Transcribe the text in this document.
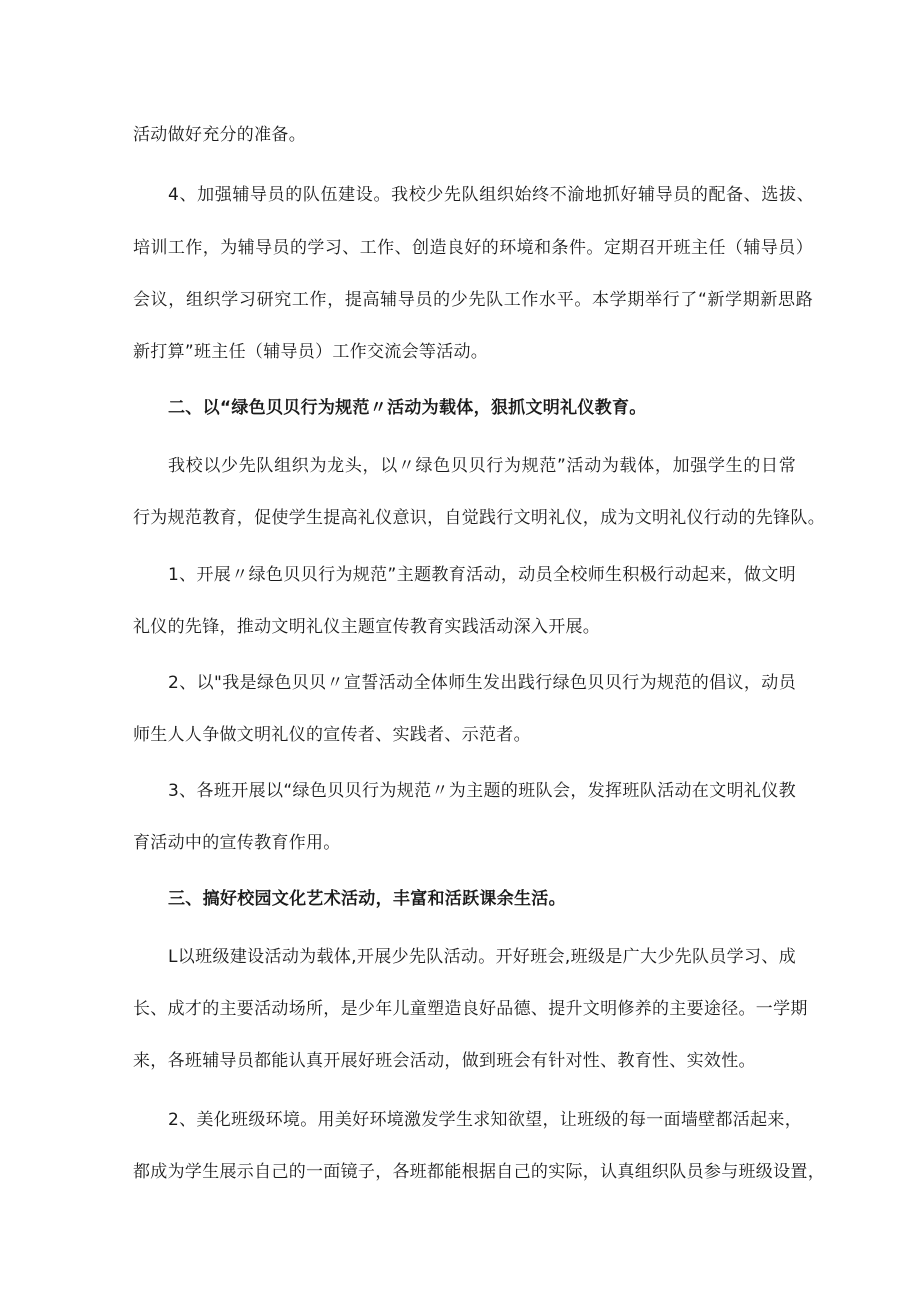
活动做好充分的准备。
4、加强辅导员的队伍建设。我校少先队组织始终不渝地抓好辅导员的配备、选拔、
培训工作，为辅导员的学习、工作、创造良好的环境和条件。定期召开班主任（辅导员）
会议，组织学习研究工作，提高辅导员的少先队工作水平。本学期举行了“新学期新思路
新打算”班主任（辅导员）工作交流会等活动。
二、以“绿色贝贝行为规范〃活动为载体，狠抓文明礼仪教育。
我校以少先队组织为龙头，以〃绿色贝贝行为规范”活动为载体，加强学生的日常
行为规范教育，促使学生提高礼仪意识，自觉践行文明礼仪，成为文明礼仪行动的先锋队。
1、开展〃绿色贝贝行为规范”主题教育活动，动员全校师生积极行动起来，做文明
礼仪的先锋，推动文明礼仪主题宣传教育实践活动深入开展。
2、以"我是绿色贝贝〃宣誓活动全体师生发出践行绿色贝贝行为规范的倡议，动员
师生人人争做文明礼仪的宣传者、实践者、示范者。
3、各班开展以“绿色贝贝行为规范〃为主题的班队会，发挥班队活动在文明礼仪教
育活动中的宣传教育作用。
三、搞好校园文化艺术活动，丰富和活跃课余生活。
L以班级建设活动为载体,开展少先队活动。开好班会,班级是广大少先队员学习、成
长、成才的主要活动场所，是少年儿童塑造良好品德、提升文明修养的主要途径。一学期
来，各班辅导员都能认真开展好班会活动，做到班会有针对性、教育性、实效性。
2、美化班级环境。用美好环境激发学生求知欲望，让班级的每一面墙壁都活起来，
都成为学生展示自己的一面镜子，各班都能根据自己的实际，认真组织队员参与班级设置，
